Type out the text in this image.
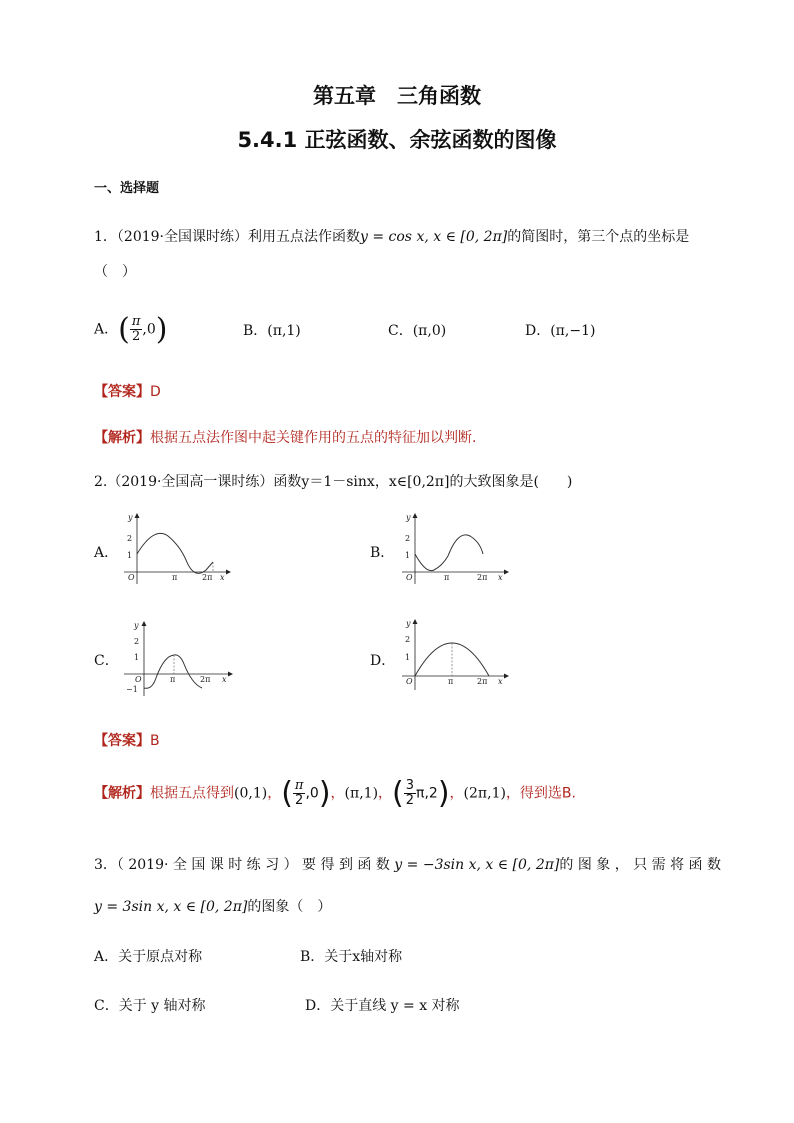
第五章　三角函数
5.4.1 正弦函数、余弦函数的图像
一、选择题
1．（2019·全国课时练）利用五点法作函数y = cos x, x ∈ [0, 2π]的简图时，第三个点的坐标是
（　）
A．( $\frac{\pi}{2} ,0$)	B．(π,1)	C．(π,0)	D．(π,−1)
【答案】D
【解析】根据五点法作图中起关键作用的五点的特征加以判断.
2.（2019·全国高一课时练）函数y＝1－sinx，x∈[0,2π]的大致图象是(　　)
A．	B．
C．	D．
y
2
1
O	π	2π x
y
2
1
O	π	2π x
y
2
1
O
−1
π	2π x
y
2
1
O	π	2π x
【答案】B
【解析】根据五点得到(0,1)，( $\frac{\pi}{2} ,0$)，(π,1)，( $\frac{3}{2} \pi,2$)，(2π,1)，得到选B.
3．（ 2019· 全 国 课 时 练 习 ） 要 得 到 函 数 y = −3sin x, x ∈ [0, 2π]的 图 象 ， 只 需 将 函 数
y = 3sin x, x ∈ [0, 2π]的图象（　）
A．关于原点对称	B．关于x轴对称
C．关于 y 轴对称	D．关于直线 y = x 对称
